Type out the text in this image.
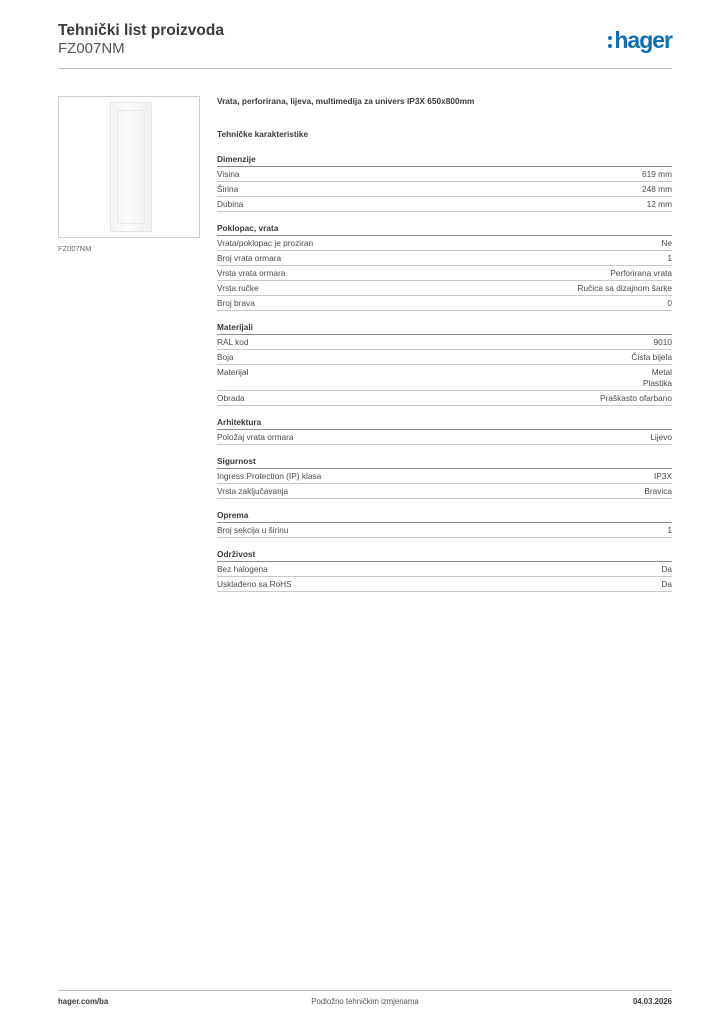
Tehnički list proizvoda
FZ007NM	hager
FZ007NM
Vrata, perforirana, lijeva, multimedija za univers IP3X 650x800mm
Tehničke karakteristike
Dimenzije
Visina	619 mm
Širina	248 mm
Dubina	12 mm
Poklopac, vrata
Vrata/poklopac je proziran	Ne
Broj vrata ormara	1
Vrsta vrata ormara	Perforirana vrata
Vrsta ručke	Ručica sa dizajnom šarke
Broj brava	0
Materijali
RAL kod	9010
Boja	Čista bijela
Materijal	Metal
Plastika
Obrada	Praškasto ofarbano
Arhitektura
Položaj vrata ormara	Lijevo
Sigurnost
Ingress Protection (IP) klasa	IP3X
Vrsta zaključavanja	Bravica
Oprema
Broj sekcija u širinu	1
Održivost
Bez halogena	Da
Usklađeno sa RoHS	Da
hager.com/ba	Podložno tehničkim izmjenama	04.03.2026
